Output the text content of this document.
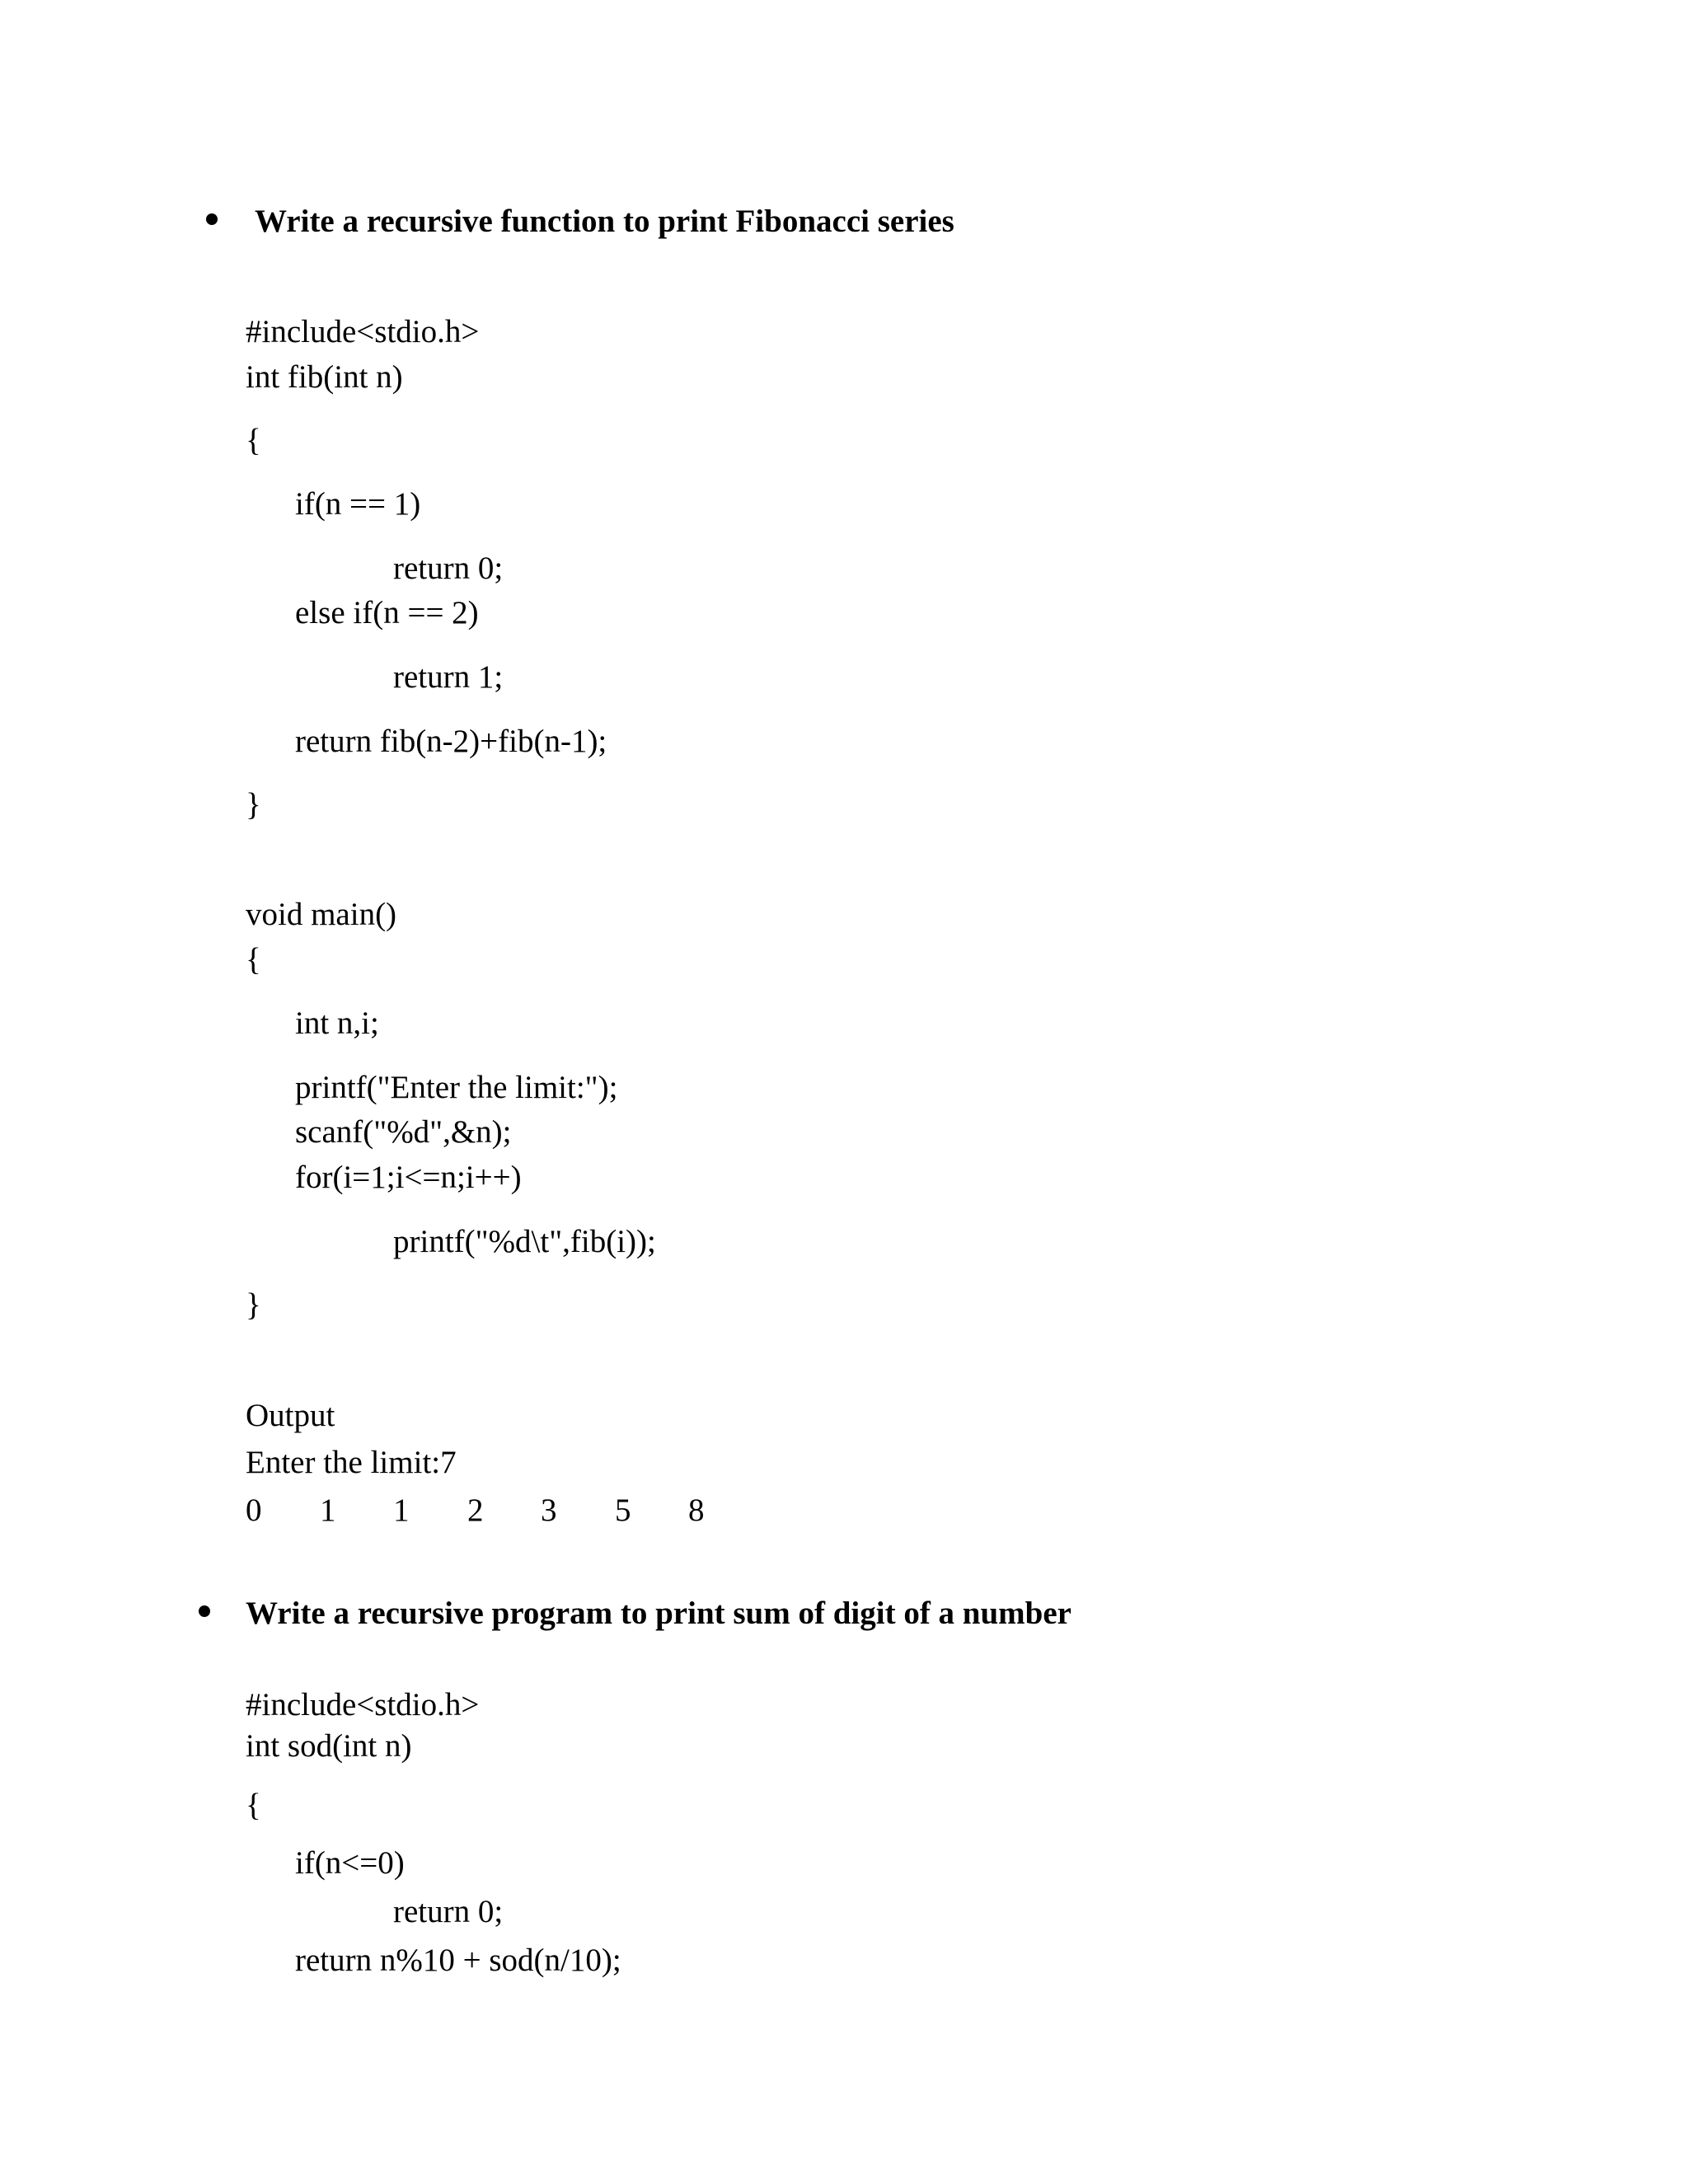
Write a recursive function to print Fibonacci series
#include<stdio.h>
int fib(int n)
{
if(n == 1)
return 0;
else if(n == 2)
return 1;
return fib(n-2)+fib(n-1);
}
void main()
{
int n,i;
printf("Enter the limit:");
scanf("%d",&n);
for(i=1;i<=n;i++)
printf("%d\t",fib(i));
}
Output
Enter the limit:7
0 1 1 2 3 5 8
Write a recursive program to print sum of digit of a number
#include<stdio.h>
int sod(int n)
{
if(n<=0)
return 0;
return n%10 + sod(n/10);
